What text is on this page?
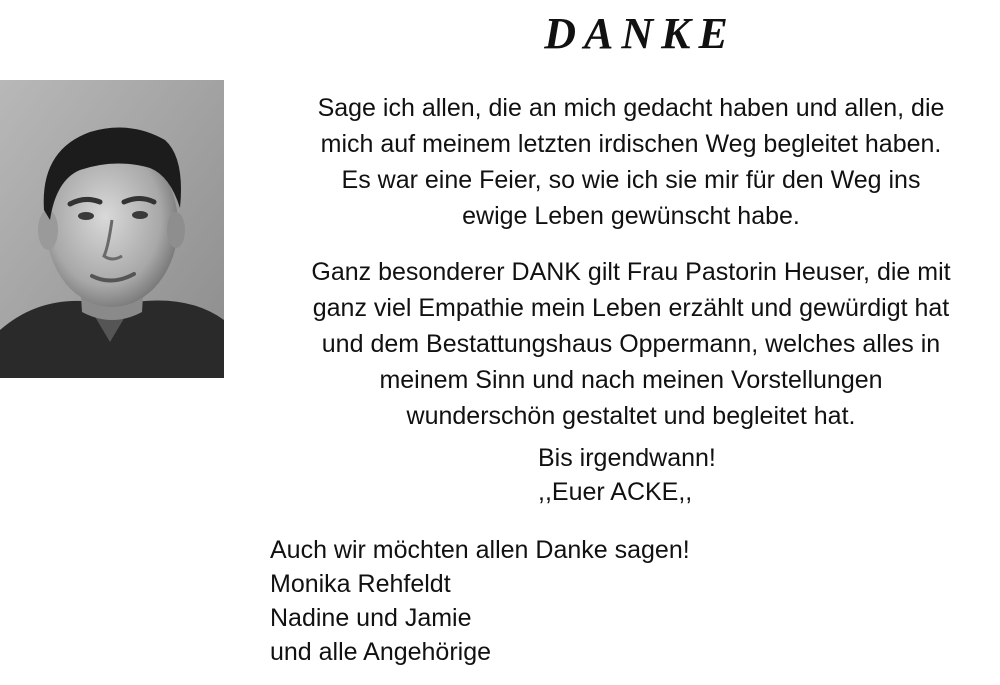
DANKE

Sage ich allen, die an mich gedacht haben und allen, die
mich auf meinem letzten irdischen Weg begleitet haben.
Es war eine Feier, so wie ich sie mir für den Weg ins
ewige Leben gewünscht habe.

Ganz besonderer DANK gilt Frau Pastorin Heuser, die mit
ganz viel Empathie mein Leben erzählt und gewürdigt hat
und dem Bestattungshaus Oppermann, welches alles in
meinem Sinn und nach meinen Vorstellungen
wunderschön gestaltet und begleitet hat.

Bis irgendwann!
,,Euer ACKE,,
Auch wir möchten allen Danke sagen!
Monika Rehfeldt
Nadine und Jamie
und alle Angehörige
